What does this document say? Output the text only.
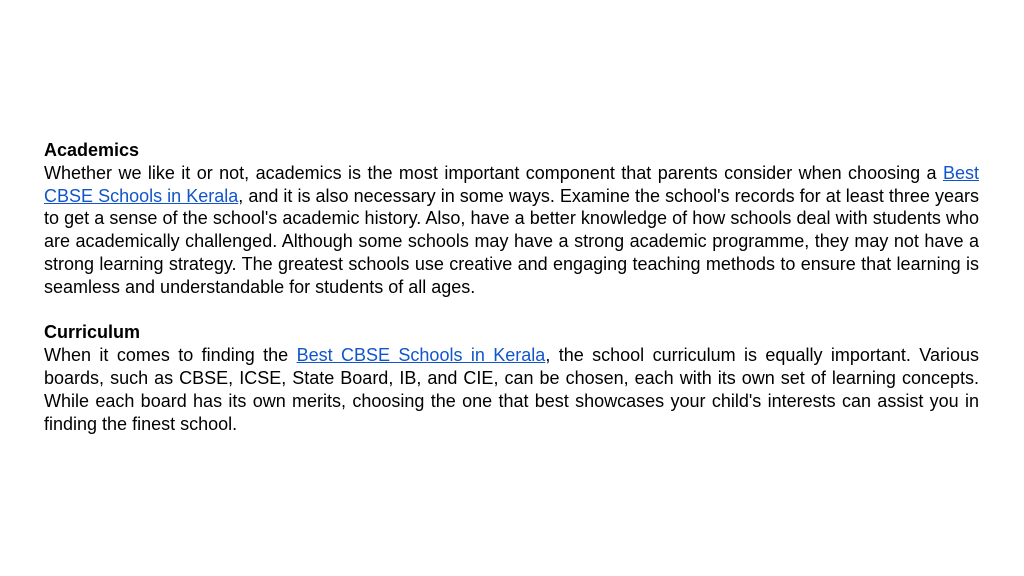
Academics

Whether we like it or not, academics is the most important component that parents consider when choosing a Best CBSE Schools in Kerala, and it is also necessary in some ways. Examine the school's records for at least three years to get a sense of the school's academic history. Also, have a better knowledge of how schools deal with students who are academically challenged. Although some schools may have a strong academic programme, they may not have a strong learning strategy. The greatest schools use creative and engaging teaching methods to ensure that learning is seamless and understandable for students of all ages.

Curriculum

When it comes to finding the Best CBSE Schools in Kerala, the school curriculum is equally important. Various boards, such as CBSE, ICSE, State Board, IB, and CIE, can be chosen, each with its own set of learning concepts. While each board has its own merits, choosing the one that best showcases your child's interests can assist you in finding the finest school.
